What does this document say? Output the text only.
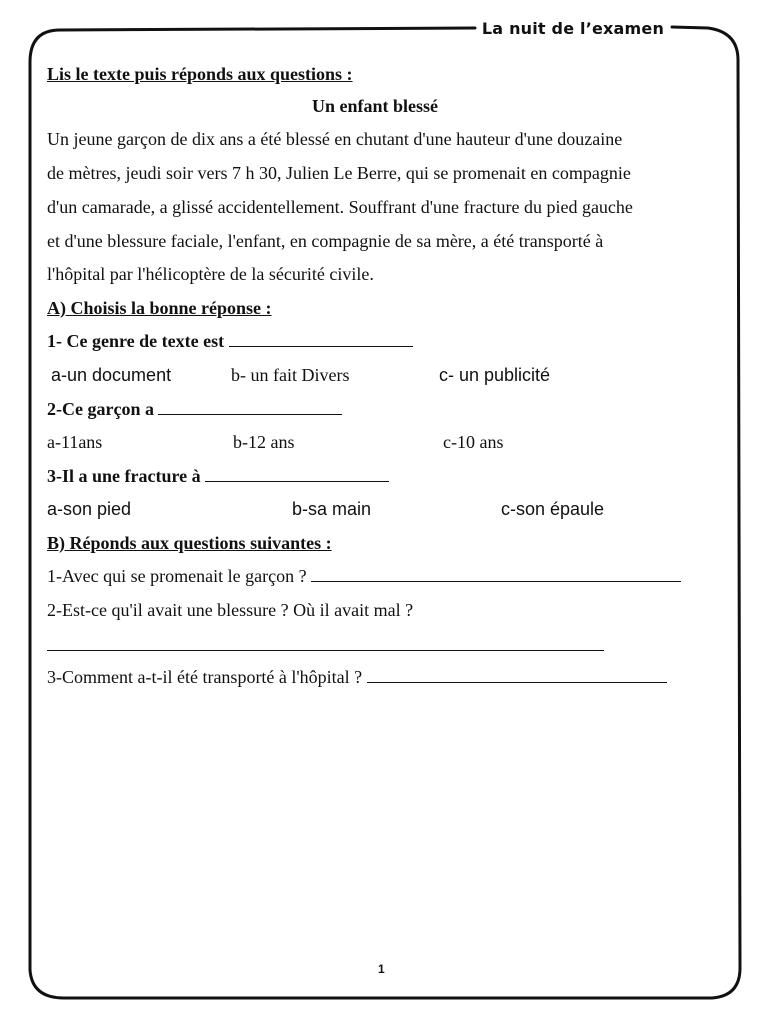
La nuit de l’examen
Lis le texte puis réponds aux questions :
Un enfant blessé
Un jeune garçon de dix ans a été blessé en chutant d'une hauteur d'une douzaine
de mètres, jeudi soir vers 7 h 30, Julien Le Berre, qui se promenait en compagnie
d'un camarade, a glissé accidentellement. Souffrant d'une fracture du pied gauche
et d'une blessure faciale, l'enfant, en compagnie de sa mère, a été transporté à
l'hôpital par l'hélicoptère de la sécurité civile.
A) Choisis la bonne réponse :
1- Ce genre de texte est
a-un document	b- un fait Divers	c- un publicité
2-Ce garçon a
a-11ans	b-12 ans	c-10 ans
3-Il a une fracture à
a-son pied	b-sa main	c-son épaule
B) Réponds aux questions suivantes :
1-Avec qui se promenait le garçon ?
2-Est-ce qu'il avait une blessure ? Où il avait mal ?
3-Comment a-t-il été transporté à l'hôpital ?
1
